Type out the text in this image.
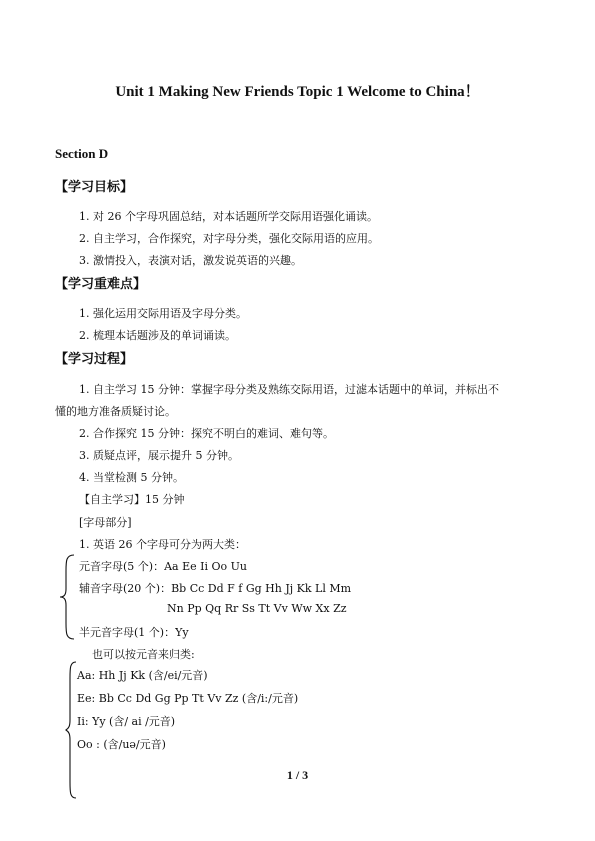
Unit 1 Making New Friends Topic 1 Welcome to China！
Section D
【学习目标】
1. 对 26 个字母巩固总结，对本话题所学交际用语强化诵读。
2. 自主学习，合作探究，对字母分类，强化交际用语的应用。
3. 激情投入，表演对话，激发说英语的兴趣。
【学习重难点】
1. 强化运用交际用语及字母分类。
2. 梳理本话题涉及的单词诵读。
【学习过程】
1. 自主学习 15 分钟：掌握字母分类及熟练交际用语，过滤本话题中的单词，并标出不
懂的地方准备质疑讨论。
2. 合作探究 15 分钟：探究不明白的难词、难句等。
3. 质疑点评，展示提升 5 分钟。
4. 当堂检测 5 分钟。
【自主学习】15 分钟
[字母部分]
1. 英语 26 个字母可分为两大类：
元音字母(5 个)：Aa Ee Ii Oo Uu
辅音字母(20 个)：Bb Cc Dd F f Gg Hh Jj Kk Ll Mm
Nn Pp Qq Rr Ss Tt Vv Ww Xx Zz
半元音字母(1 个)：Yy
也可以按元音来归类:
Aa: Hh Jj Kk (含/ei/元音)
Ee: Bb Cc Dd Gg Pp Tt Vv Zz (含/i:/元音)
Ii: Yy (含/ ai /元音)
Oo : (含/uə/元音)
1 / 3
